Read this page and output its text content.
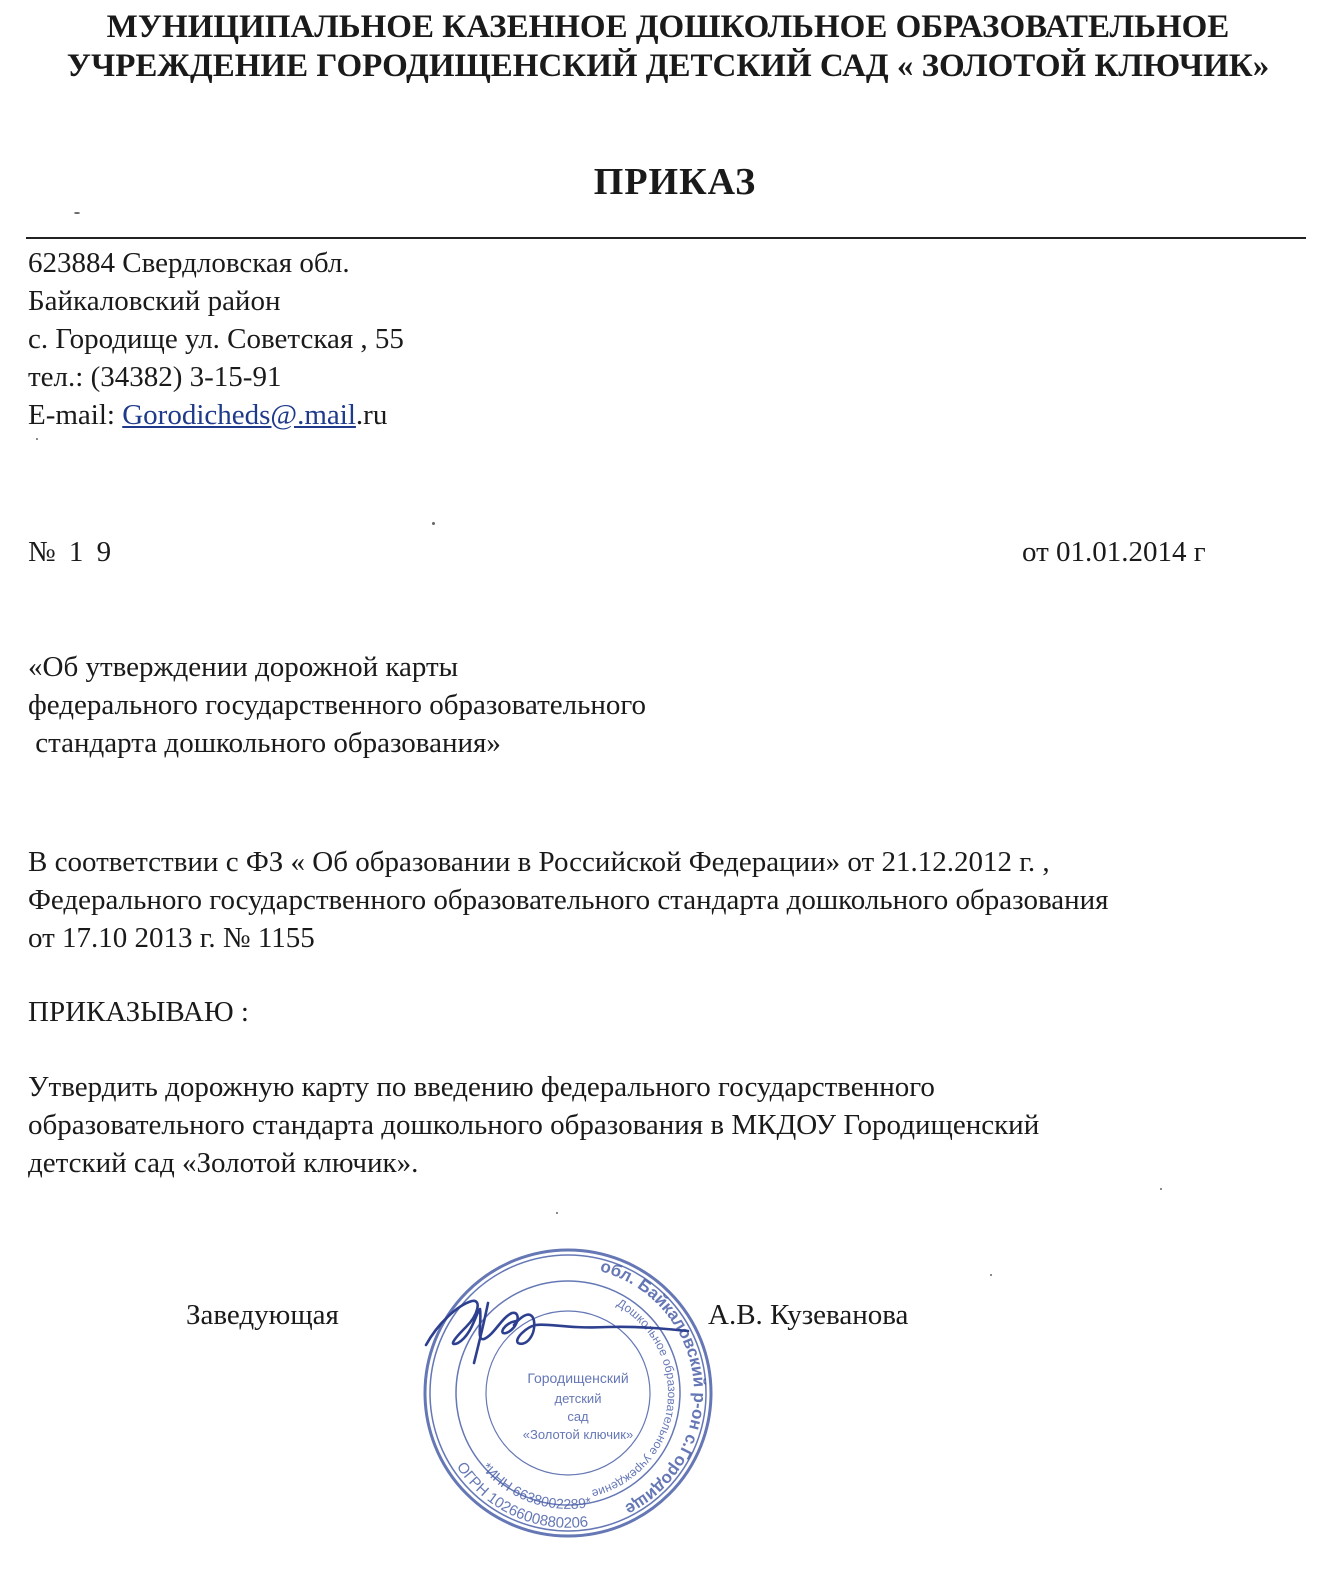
МУНИЦИПАЛЬНОЕ КАЗЕННОЕ ДОШКОЛЬНОЕ ОБРАЗОВАТЕЛЬНОЕ
УЧРЕЖДЕНИЕ ГОРОДИЩЕНСКИЙ ДЕТСКИЙ САД « ЗОЛОТОЙ КЛЮЧИК»
ПРИКАЗ
623884 Свердловская обл.
Байкаловский район
с. Городище ул. Советская , 55
тел.: (34382) 3-15-91
E-mail: Gorodicheds@.mail.ru
№ 1 9	от 01.01.2014 г
«Об утверждении дорожной карты
федерального государственного образовательного
стандарта дошкольного образования»
В соответствии с ФЗ « Об образовании в Российской Федерации» от 21.12.2012 г. ,
Федерального государственного образовательного стандарта дошкольного образования
от 17.10 2013 г. № 1155
ПРИКАЗЫВАЮ :
Утвердить дорожную карту по введению федерального государственного
образовательного стандарта дошкольного образования в МКДОУ Городищенский
детский сад «Золотой ключик».
Заведующая
обл. Байкаловский р-он с.Городище
Дошкольное образовательное учреждение
ОГРН 1026600880206
*ИНН 6638002289*
Городищенский
детский
сад
«Золотой ключик»
А.В. Кузеванова
